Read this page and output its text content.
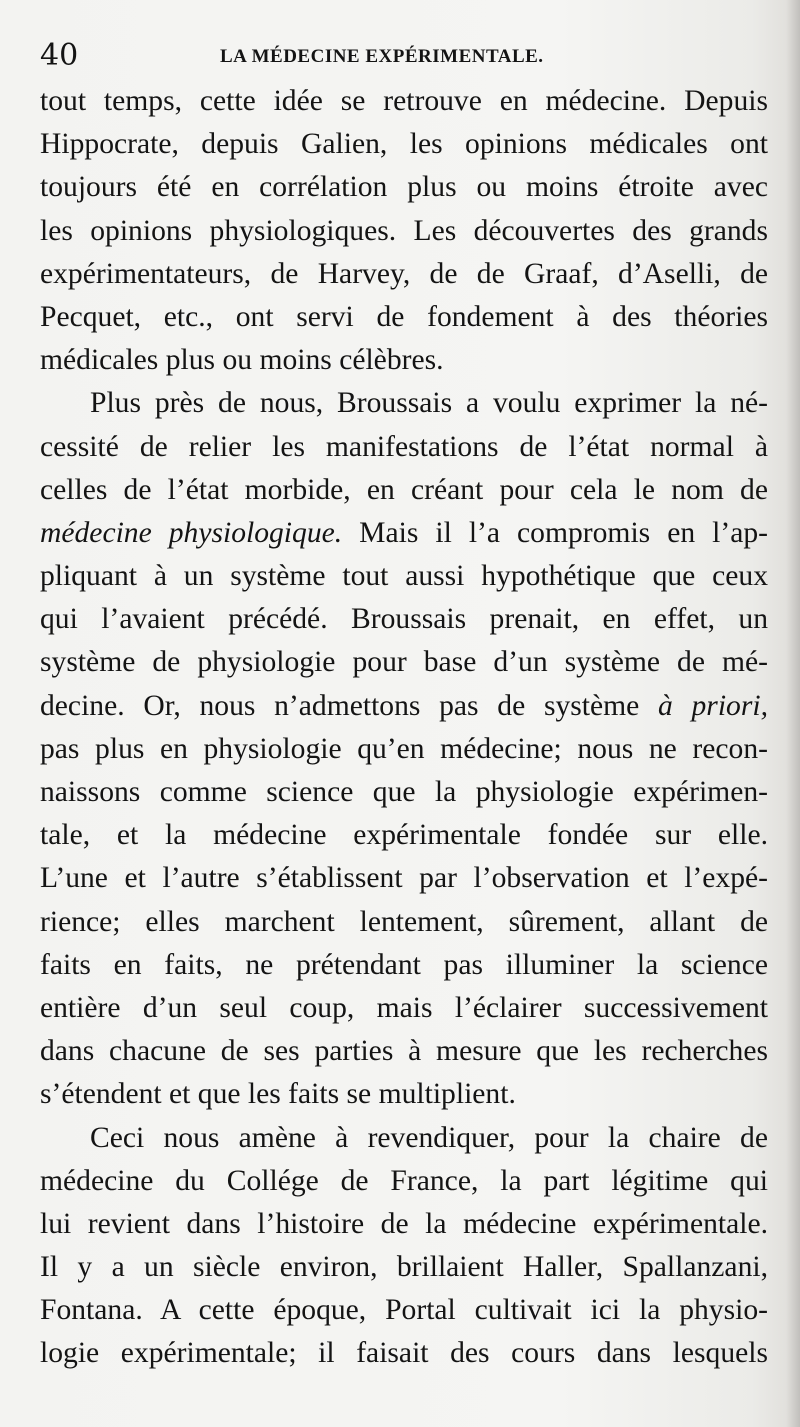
40	LA MÉDECINE EXPÉRIMENTALE.
tout temps, cette idée se retrouve en médecine. Depuis
Hippocrate, depuis Galien, les opinions médicales ont
toujours été en corrélation plus ou moins étroite avec
les opinions physiologiques. Les découvertes des grands
expérimentateurs, de Harvey, de de Graaf, d’Aselli, de
Pecquet, etc., ont servi de fondement à des théories
médicales plus ou moins célèbres.
Plus près de nous, Broussais a voulu exprimer la né-
cessité de relier les manifestations de l’état normal à
celles de l’état morbide, en créant pour cela le nom de
médecine physiologique. Mais il l’a compromis en l’ap-
pliquant à un système tout aussi hypothétique que ceux
qui l’avaient précédé. Broussais prenait, en effet, un
système de physiologie pour base d’un système de mé-
decine. Or, nous n’admettons pas de système à priori,
pas plus en physiologie qu’en médecine; nous ne recon-
naissons comme science que la physiologie expérimen-
tale, et la médecine expérimentale fondée sur elle.
L’une et l’autre s’établissent par l’observation et l’expé-
rience; elles marchent lentement, sûrement, allant de
faits en faits, ne prétendant pas illuminer la science
entière d’un seul coup, mais l’éclairer successivement
dans chacune de ses parties à mesure que les recherches
s’étendent et que les faits se multiplient.
Ceci nous amène à revendiquer, pour la chaire de
médecine du Collége de France, la part légitime qui
lui revient dans l’histoire de la médecine expérimentale.
Il y a un siècle environ, brillaient Haller, Spallanzani,
Fontana. A cette époque, Portal cultivait ici la physio-
logie expérimentale; il faisait des cours dans lesquels
